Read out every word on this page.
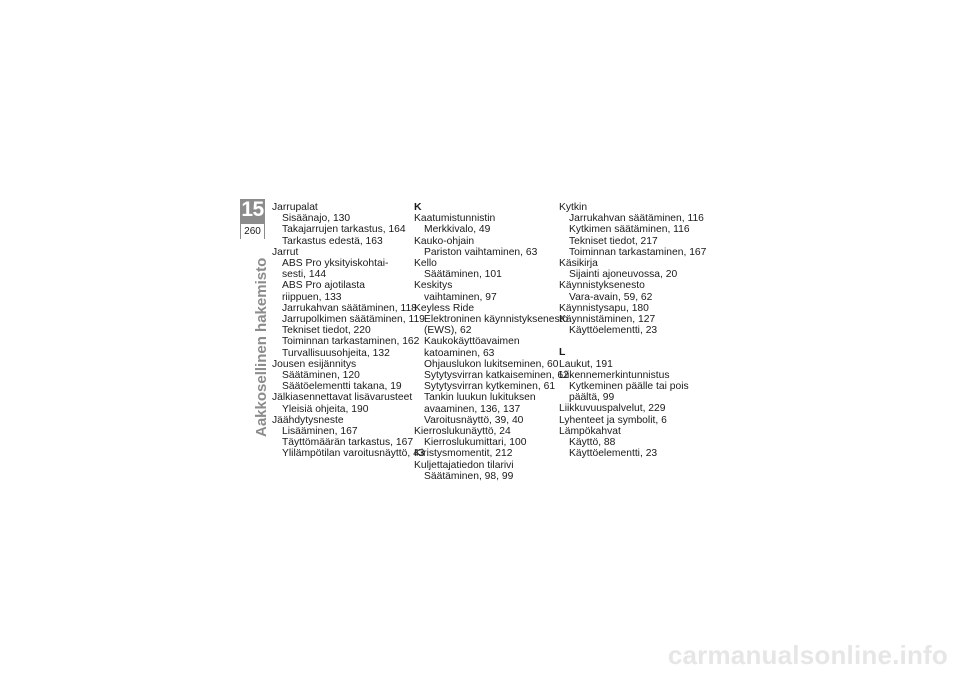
15
260
Aakkosellinen hakemisto
Jarrupalat
Sisäänajo, 130
Takajarrujen tarkastus, 164
Tarkastus edestä, 163
Jarrut
ABS Pro yksityiskohtai-
sesti, 144
ABS Pro ajotilasta
riippuen, 133
Jarrukahvan säätäminen, 118
Jarrupolkimen säätäminen, 119
Tekniset tiedot, 220
Toiminnan tarkastaminen, 162
Turvallisuusohjeita, 132
Jousen esijännitys
Säätäminen, 120
Säätöelementti takana, 19
Jälkiasennettavat lisävarusteet
Yleisiä ohjeita, 190
Jäähdytysneste
Lisääminen, 167
Täyttömäärän tarkastus, 167
Ylilämpötilan varoitusnäyttö, 43
K
Kaatumistunnistin
Merkkivalo, 49
Kauko-ohjain
Pariston vaihtaminen, 63
Kello
Säätäminen, 101
Keskitys
vaihtaminen, 97
Keyless Ride
Elektroninen käynnistyksenesto
(EWS), 62
Kaukokäyttöavaimen
katoaminen, 63
Ohjauslukon lukitseminen, 60
Sytytysvirran katkaiseminen, 62
Sytytysvirran kytkeminen, 61
Tankin luukun lukituksen
avaaminen, 136, 137
Varoitusnäyttö, 39, 40
Kierroslukunäyttö, 24
Kierroslukumittari, 100
Kiristysmomentit, 212
Kuljettajatiedon tilarivi
Säätäminen, 98, 99
Kytkin
Jarrukahvan säätäminen, 116
Kytkimen säätäminen, 116
Tekniset tiedot, 217
Toiminnan tarkastaminen, 167
Käsikirja
Sijainti ajoneuvossa, 20
Käynnistyksenesto
Vara-avain, 59, 62
Käynnistysapu, 180
Käynnistäminen, 127
Käyttöelementti, 23
L
Laukut, 191
Liikennemerkintunnistus
Kytkeminen päälle tai pois
päältä, 99
Liikkuvuuspalvelut, 229
Lyhenteet ja symbolit, 6
Lämpökahvat
Käyttö, 88
Käyttöelementti, 23
carmanualsonline.info
